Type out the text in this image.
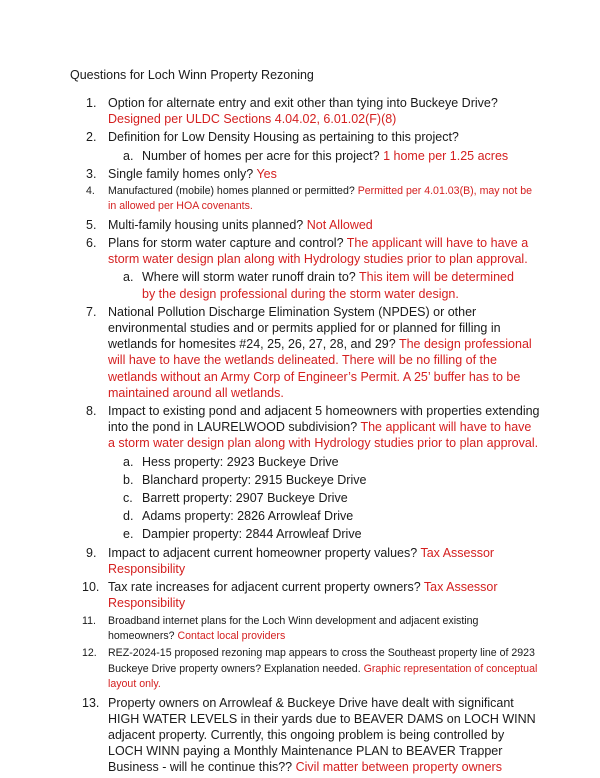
Questions for Loch Winn Property Rezoning
1. Option for alternate entry and exit other than tying into Buckeye Drive? Designed per ULDC Sections 4.04.02, 6.01.02(F)(8)
2. Definition for Low Density Housing as pertaining to this project?
a. Number of homes per acre for this project? 1 home per 1.25 acres
3. Single family homes only? Yes
4.	Manufactured (mobile) homes planned or permitted? Permitted per 4.01.03(B), may not be in allowed per HOA covenants.
5. Multi-family housing units planned? Not Allowed
6. Plans for storm water capture and control? The applicant will have to have a storm water design plan along with Hydrology studies prior to plan approval.
a. Where will storm water runoff drain to? This item will be determined by the design professional during the storm water design.
7. National Pollution Discharge Elimination System (NPDES) or other environmental studies and or permits applied for or planned for filling in wetlands for homesites #24, 25, 26, 27, 28, and 29? The design professional will have to have the wetlands delineated. There will be no filling of the wetlands without an Army Corp of Engineer’s Permit. A 25’ buffer has to be maintained around all wetlands.
8. Impact to existing pond and adjacent 5 homeowners with properties extending into the pond in LAURELWOOD subdivision? The applicant will have to have a storm water design plan along with Hydrology studies prior to plan approval.
a. Hess property: 2923 Buckeye Drive
b. Blanchard property: 2915 Buckeye Drive
c. Barrett property: 2907 Buckeye Drive
d. Adams property: 2826 Arrowleaf Drive
e. Dampier property: 2844 Arrowleaf Drive
9. Impact to adjacent current homeowner property values? Tax Assessor Responsibility
10. Tax rate increases for adjacent current property owners? Tax Assessor Responsibility
11.	Broadband internet plans for the Loch Winn development and adjacent existing homeowners? Contact local providers
12.	REZ-2024-15 proposed rezoning map appears to cross the Southeast property line of 2923 Buckeye Drive property owners? Explanation needed. Graphic representation of conceptual layout only.
13. Property owners on Arrowleaf & Buckeye Drive have dealt with significant HIGH WATER LEVELS in their yards due to BEAVER DAMS on LOCH WINN adjacent property. Currently, this ongoing problem is being controlled by LOCH WINN paying a Monthly Maintenance PLAN to BEAVER Trapper Business - will he continue this?? Civil matter between property owners
